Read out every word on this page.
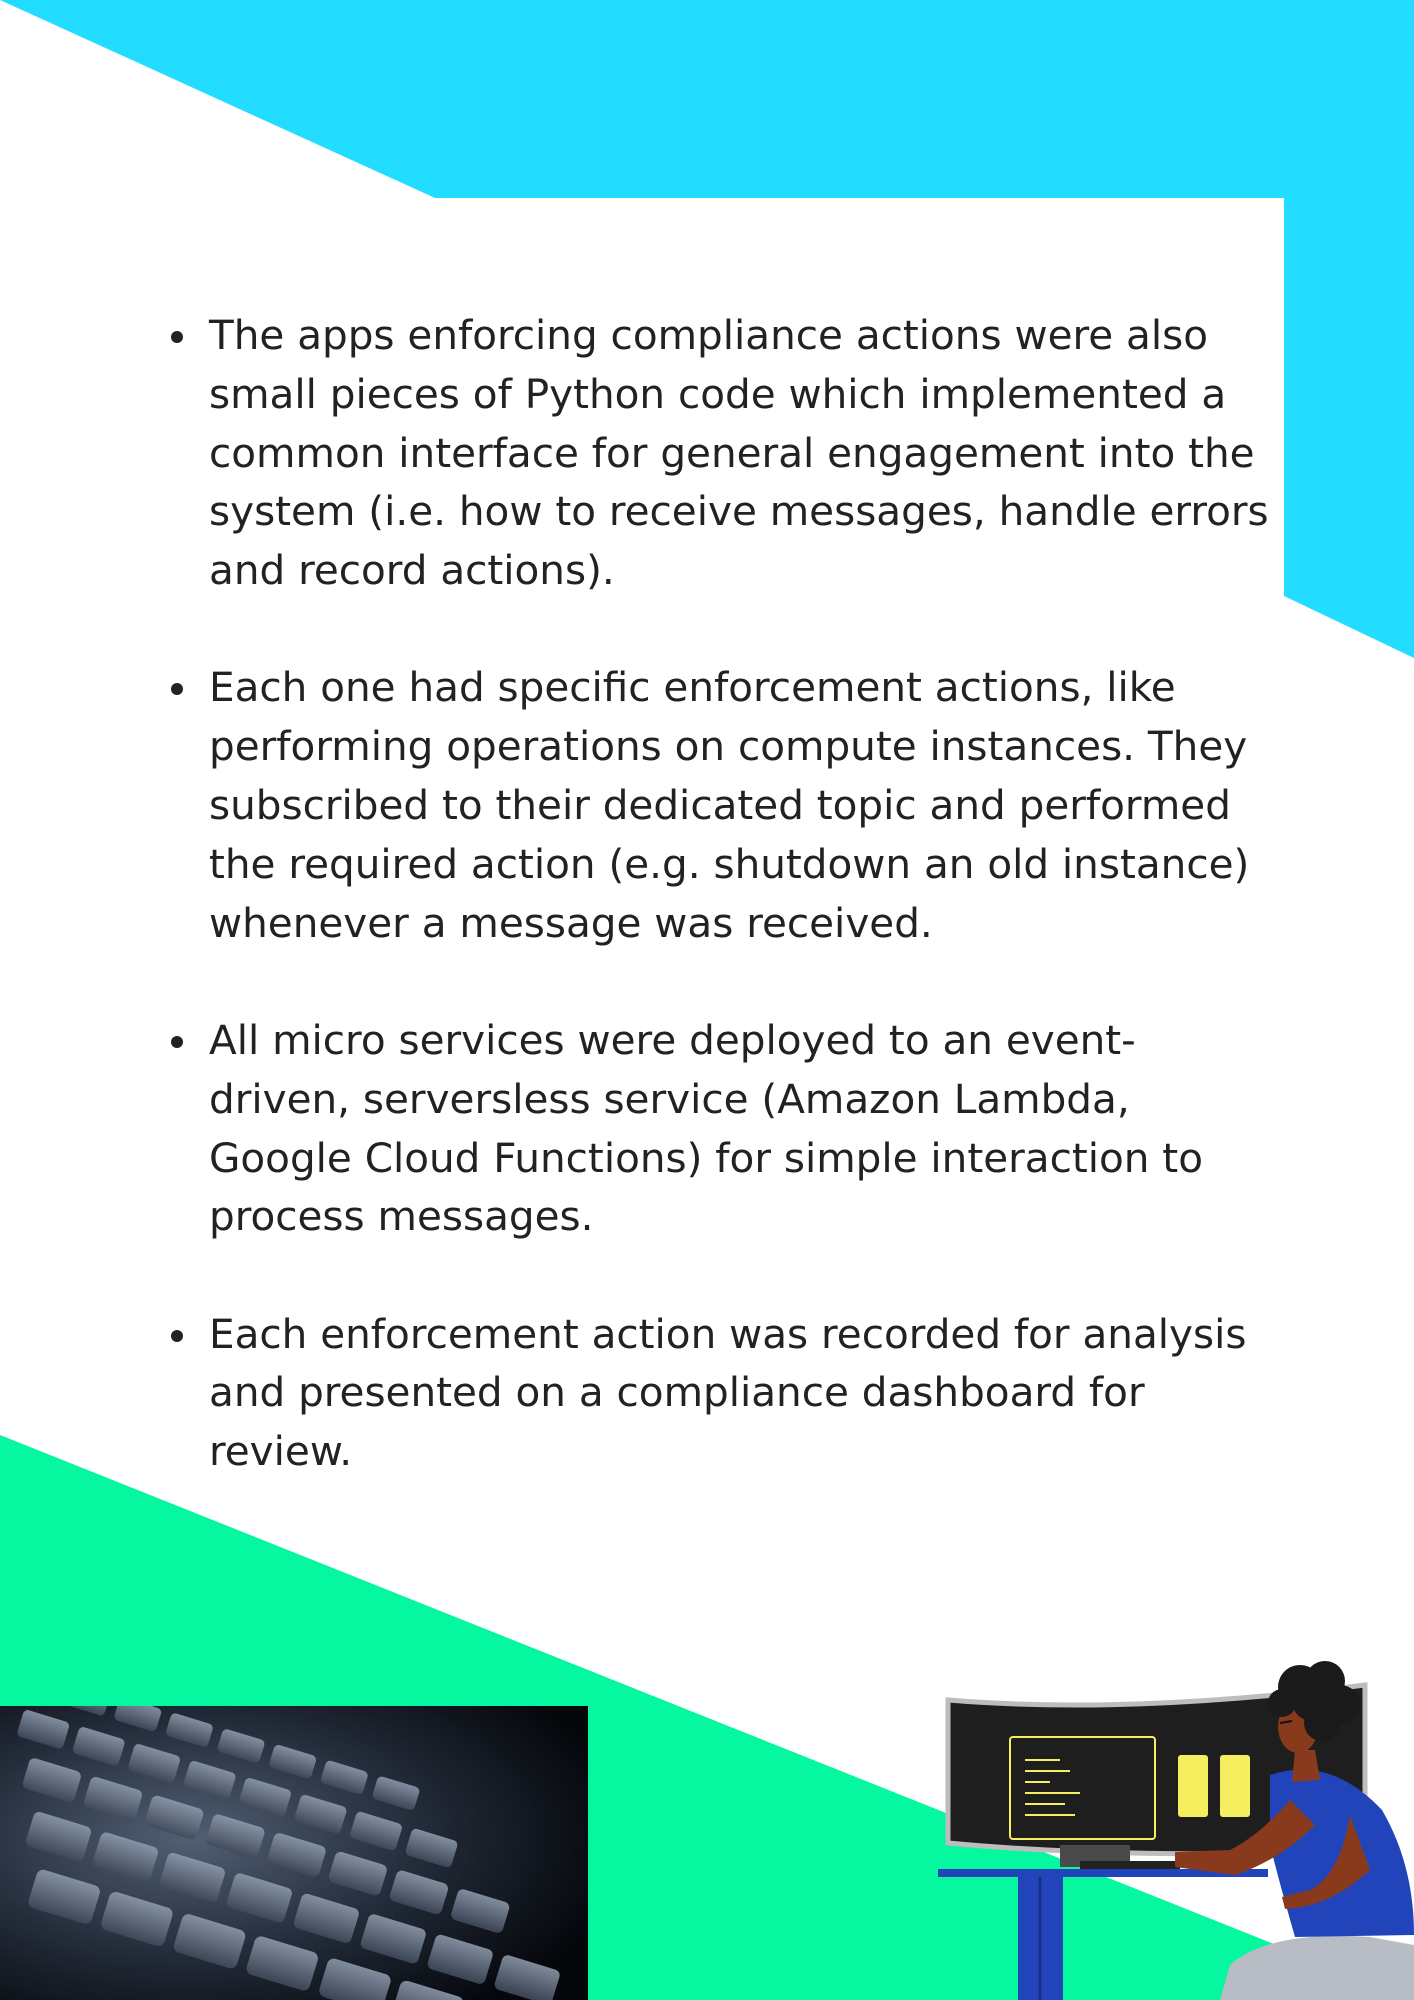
The apps enforcing compliance actions were also small pieces of Python code which implemented a common interface for general engagement into the system (i.e. how to receive messages, handle errors and record actions).
Each one had specific enforcement actions, like performing operations on compute instances. They subscribed to their dedicated topic and performed the required action (e.g. shutdown an old instance) whenever a message was received.
All micro services were deployed to an event-driven, serversless service (Amazon Lambda, Google Cloud Functions) for simple interaction to process messages.
Each enforcement action was recorded for analysis and presented on a compliance dashboard for review.
